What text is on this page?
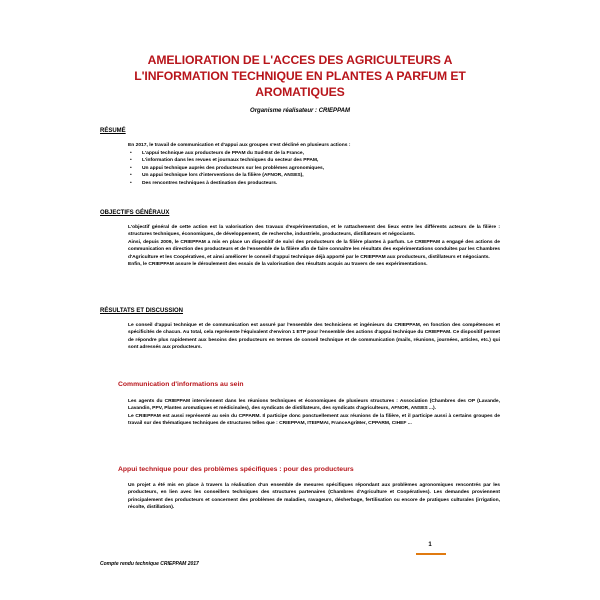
AMELIORATION DE L'ACCES DES AGRICULTEURS A L'INFORMATION TECHNIQUE EN PLANTES A PARFUM ET AROMATIQUES
Organisme réalisateur : CRIEPPAM
RÉSUMÉ
En 2017, le travail de communication et d'appui aux groupes s'est décliné en plusieurs actions :
• L'appui technique aux producteurs de PPAM du Sud-Est de la France,
• L'information dans les revues et journaux techniques du secteur des PPAM,
• Un appui technique auprès des producteurs sur les problèmes agronomiques,
• Un appui technique lors d'interventions de la filière (AFNOR, ANSES),
• Des rencontres techniques à destination des producteurs.
OBJECTIFS GÉNÉRAUX

L'objectif général de cette action est la valorisation des travaux d'expérimentation, et le rattachement des lieux entre les différents acteurs de la filière : structures techniques, économiques, de développement, de recherche, industriels, producteurs, distillateurs et négociants.

Ainsi, depuis 2009, le CRIEPPAM a mis en place un dispositif de suivi des producteurs de la filière plantes à parfum. Le CRIEPPAM a engagé des actions de communication en direction des producteurs et de l'ensemble de la filière afin de faire connaître les résultats des expérimentations conduites par les Chambres d'Agriculture et les Coopératives, et ainsi améliorer le conseil d'appui technique déjà apporté par le CRIEPPAM aux producteurs, distillateurs et négociants.

Enfin, le CRIEPPAM assure le déroulement des essais de la valorisation des résultats acquis au travers de ses expérimentations.

RÉSULTATS ET DISCUSSION
Le conseil d'appui technique et de communication est assuré par l'ensemble des techniciens et ingénieurs du CRIEPPAM, en fonction des compétences et spécificités de chacun. Au total, cela représente l'équivalent d'environ 1 ETP pour l'ensemble des actions d'appui technique du CRIEPPAM. Ce dispositif permet de répondre plus rapidement aux besoins des producteurs en termes de conseil technique et de communication (mails, réunions, journées, articles, etc.) qui sont adressés aux producteurs.
Communication d'informations au sein

Les agents du CRIEPPAM interviennent dans les réunions techniques et économiques de plusieurs structures : Association (Chambres des OP (Lavande, Lavandin, PPV, Plantes aromatiques et médicinales), des syndicats de distillateurs, des syndicats d'agriculteurs, AFNOR, ANSES ...).

Le CRIEPPAM est aussi représenté au sein du CPPARM. Il participe donc ponctuellement aux réunions de la filière, et il participe aussi à certains groupes de travail sur des thématiques techniques de structures telles que : CRIEPPAM, ITEIPMAI, FranceAgriMer, CPPARM, CIHEF ...

Appui technique pour des problèmes spécifiques : pour des producteurs
Un projet a été mis en place à travers la réalisation d'un ensemble de mesures spécifiques répondant aux problèmes agronomiques rencontrés par les producteurs, en lien avec les conseillers techniques des structures partenaires (Chambres d'Agriculture et Coopératives). Les demandes proviennent principalement des producteurs et concernent des problèmes de maladies, ravageurs, désherbage, fertilisation ou encore de pratiques culturales (irrigation, récolte, distillation).
1
Compte rendu technique CRIEPPAM 2017
